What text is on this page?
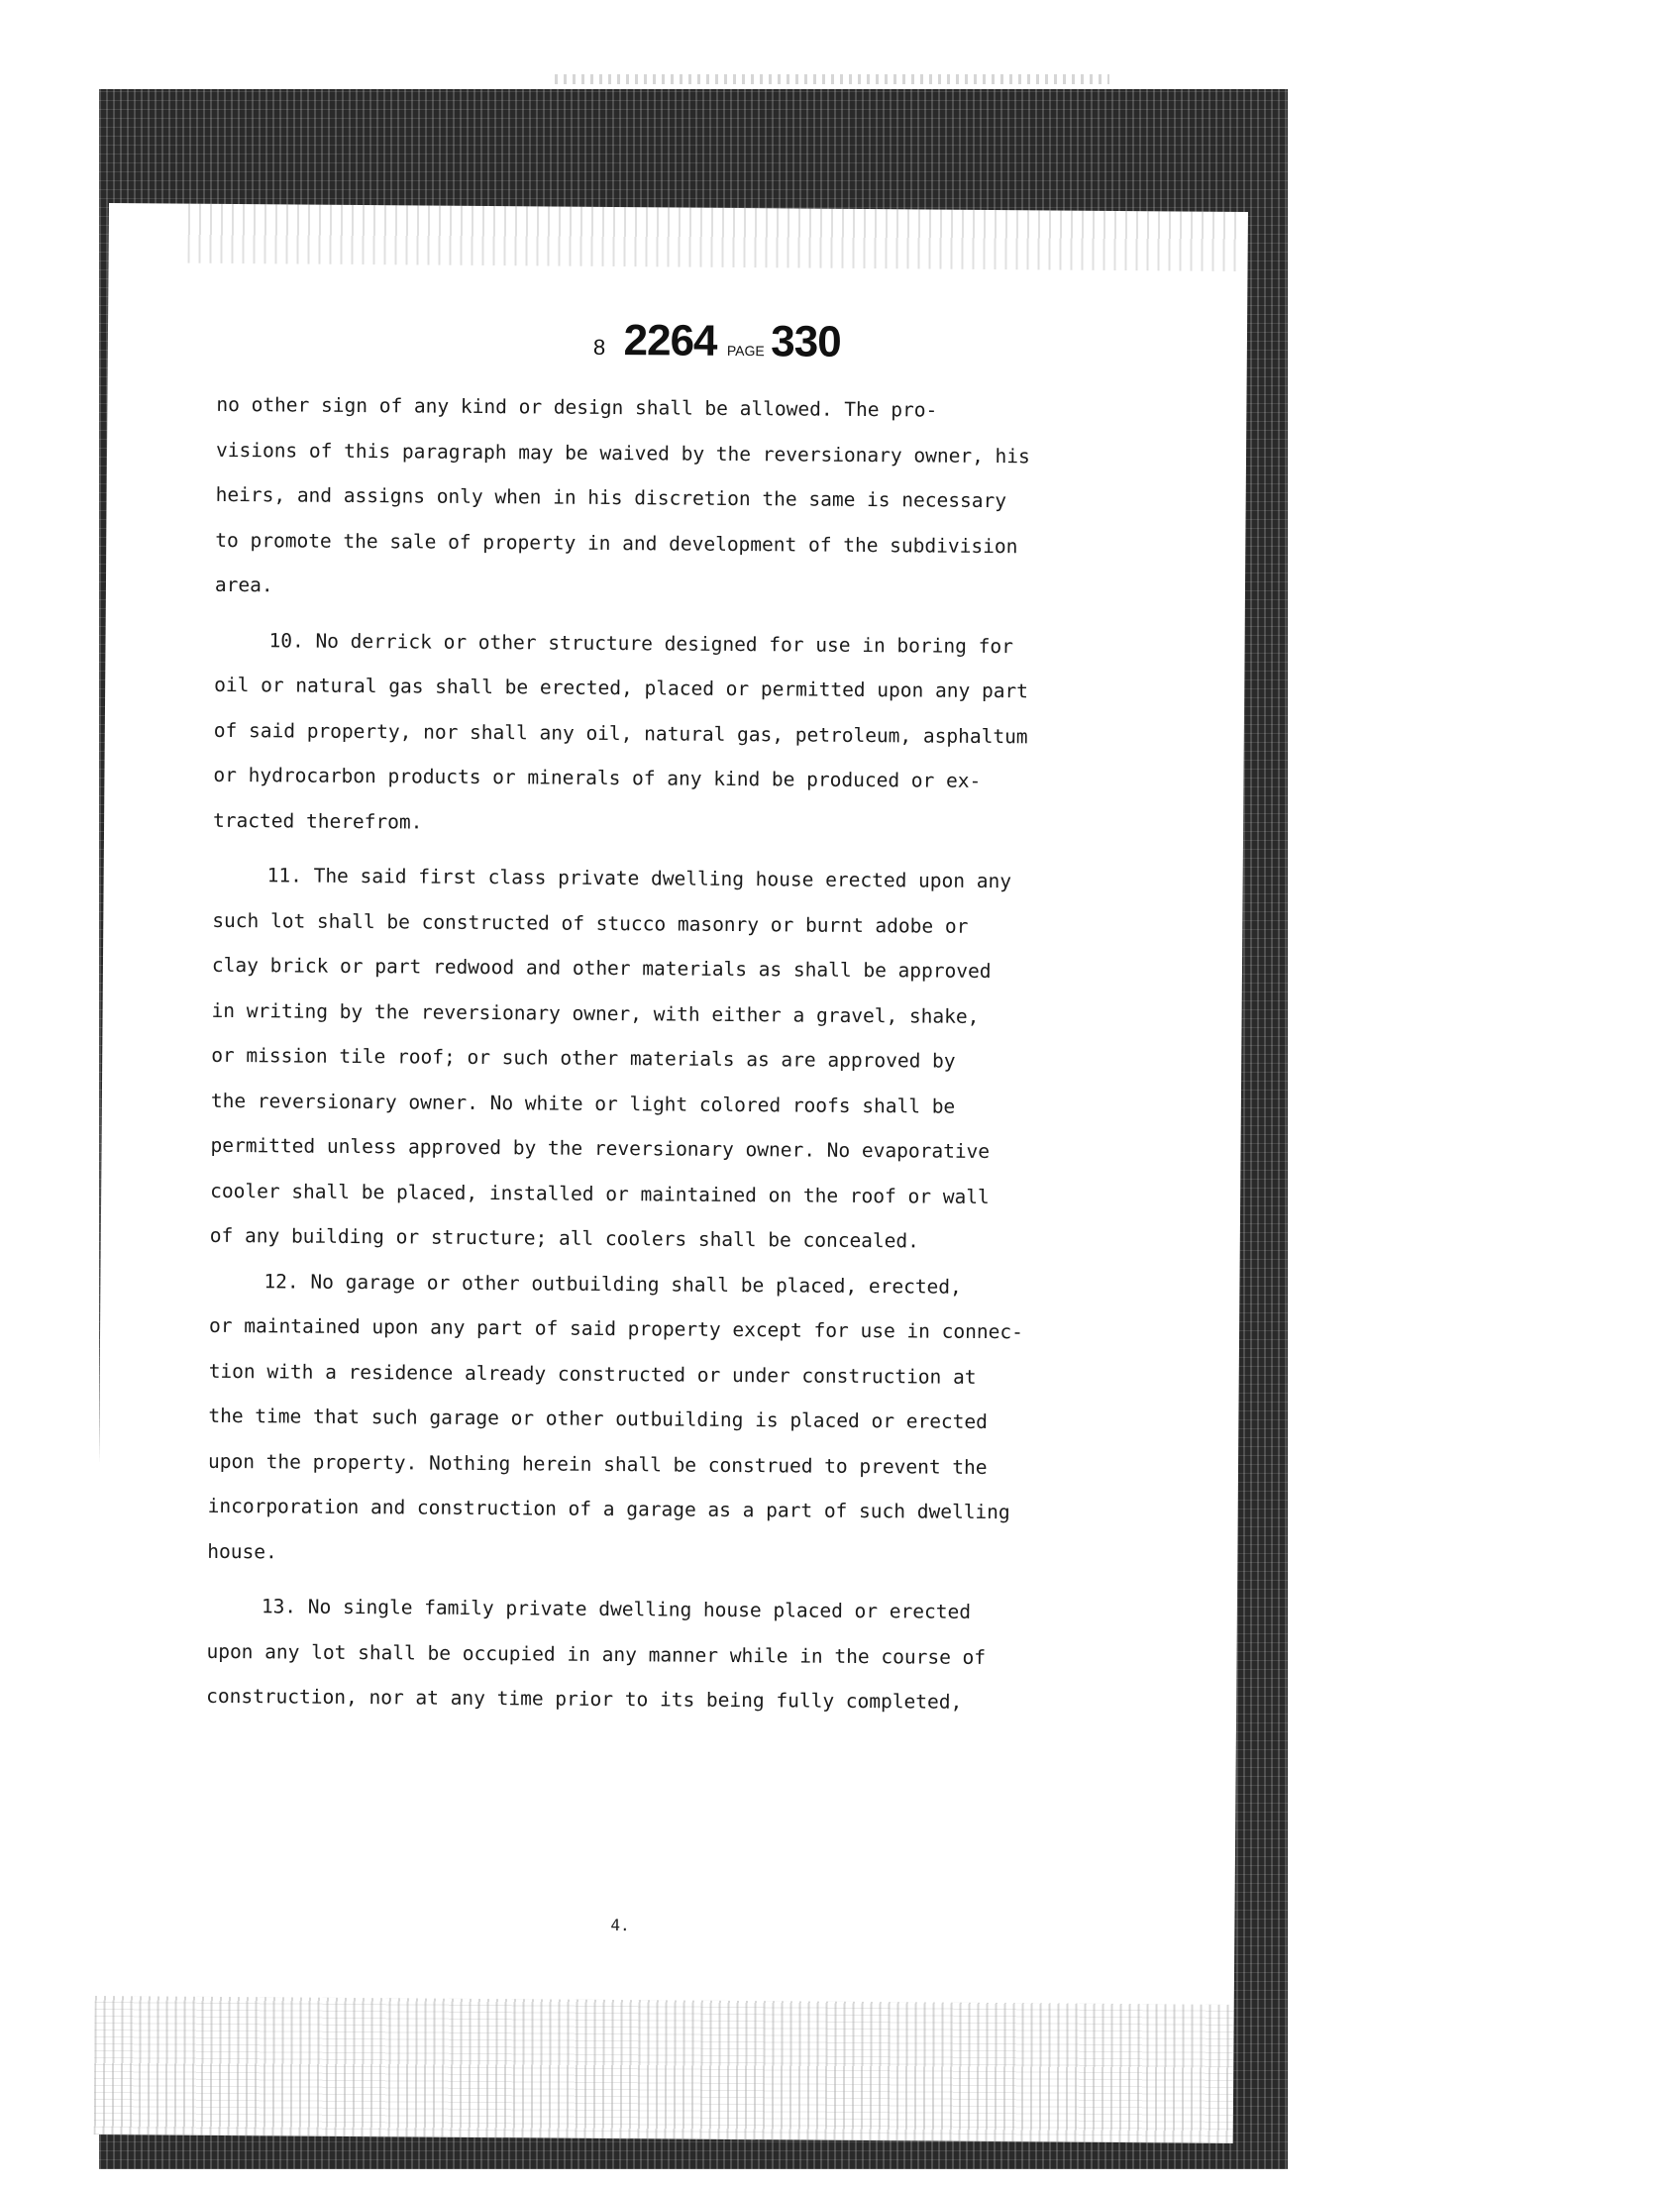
8 2264 PAGE 330
no other sign of any kind or design shall be allowed. The pro-
visions of this paragraph may be waived by the reversionary owner, his
heirs, and assigns only when in his discretion the same is necessary
to promote the sale of property in and development of the subdivision
area.
10. No derrick or other structure designed for use in boring for
oil or natural gas shall be erected, placed or permitted upon any part
of said property, nor shall any oil, natural gas, petroleum, asphaltum
or hydrocarbon products or minerals of any kind be produced or ex-
tracted therefrom.
11. The said first class private dwelling house erected upon any
such lot shall be constructed of stucco masonry or burnt adobe or
clay brick or part redwood and other materials as shall be approved
in writing by the reversionary owner, with either a gravel, shake,
or mission tile roof; or such other materials as are approved by
the reversionary owner. No white or light colored roofs shall be
permitted unless approved by the reversionary owner. No evaporative
cooler shall be placed, installed or maintained on the roof or wall
of any building or structure; all coolers shall be concealed.
12. No garage or other outbuilding shall be placed, erected,
or maintained upon any part of said property except for use in connec-
tion with a residence already constructed or under construction at
the time that such garage or other outbuilding is placed or erected
upon the property. Nothing herein shall be construed to prevent the
incorporation and construction of a garage as a part of such dwelling
house.
13. No single family private dwelling house placed or erected
upon any lot shall be occupied in any manner while in the course of
construction, nor at any time prior to its being fully completed,
4.
